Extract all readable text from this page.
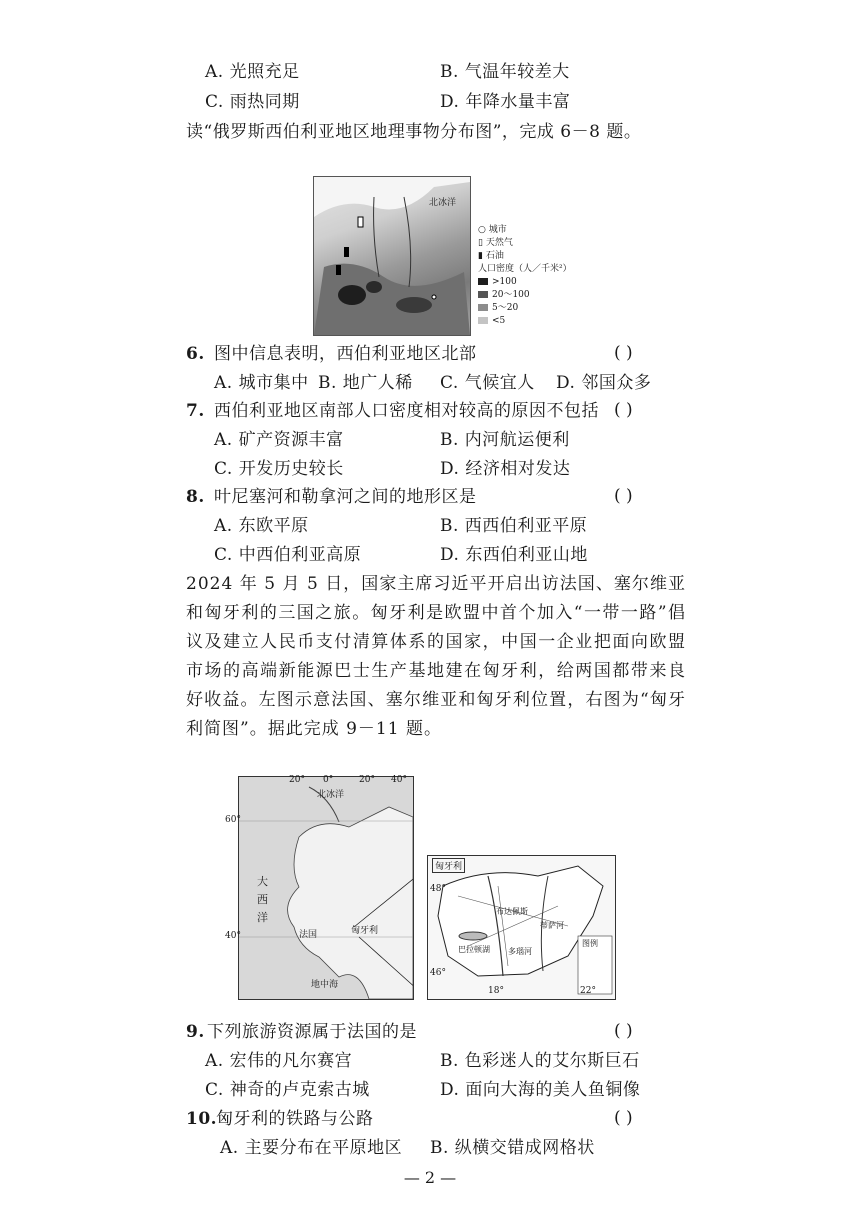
A. 光照充足	B. 气温年较差大
C. 雨热同期	D. 年降水量丰富
读“俄罗斯西伯利亚地区地理事物分布图”，完成 6－8 题。
北冰洋
○ 城市
▯ 天然气
▮ 石油
人口密度（人／千米²）
>100
20～100
5～20
<5
6. 图中信息表明，西伯利亚地区北部	( )
A. 城市集中 B. 地广人稀 C. 气候宜人 D. 邻国众多
7. 西伯利亚地区南部人口密度相对较高的原因不包括 ( )
A. 矿产资源丰富	B. 内河航运便利
C. 开发历史较长	D. 经济相对发达
8. 叶尼塞河和勒拿河之间的地形区是	( )
A. 东欧平原	B. 西西伯利亚平原
C. 中西伯利亚高原	D. 东西伯利亚山地
2024 年 5 月 5 日，国家主席习近平开启出访法国、塞尔维亚和匈牙利的三国之旅。匈牙利是欧盟中首个加入“一带一路”倡议及建立人民币支付清算体系的国家，中国一企业把面向欧盟市场的高端新能源巴士生产基地建在匈牙利，给两国都带来良好收益。左图示意法国、塞尔维亚和匈牙利位置，右图为“匈牙利简图”。据此完成 9－11 题。
20° 0°	20° 40°
60°
40°
北冰洋
大
西
洋
法国	匈牙利
地中海
匈牙利
48°
46°
18°	22°
布达佩斯
巴拉顿湖 多瑙河
蒂萨河
图例
9. 下列旅游资源属于法国的是	( )
A. 宏伟的凡尔赛宫	B. 色彩迷人的艾尔斯巨石
C. 神奇的卢克索古城	D. 面向大海的美人鱼铜像
10.
匈牙利的铁路与公路	( )
A. 主要分布在平原地区 B. 纵横交错成网格状
— 2 —
